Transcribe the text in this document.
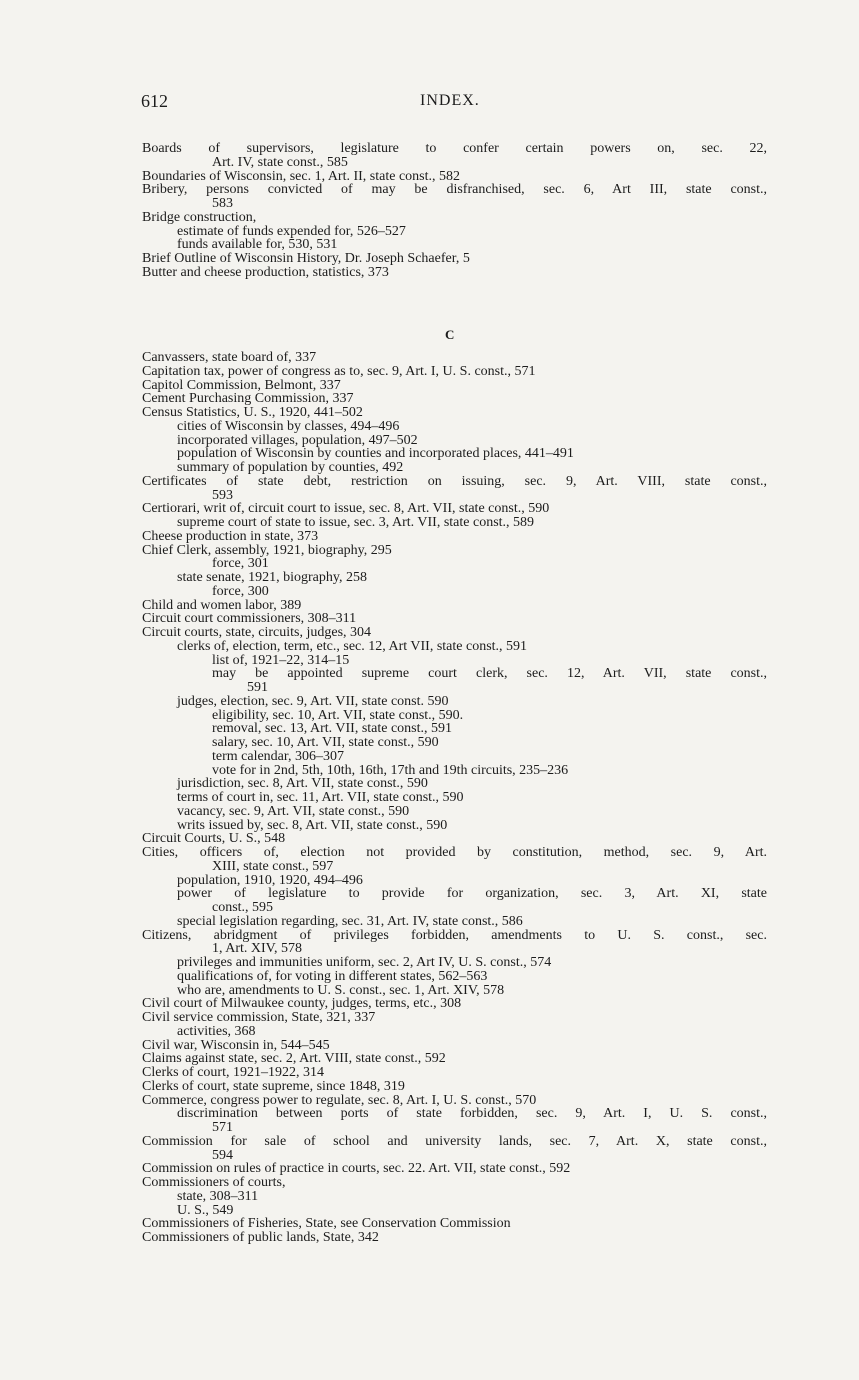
612	INDEX.
Boards of supervisors, legislature to confer certain powers on, sec. 22,
Art. IV, state const., 585
Boundaries of Wisconsin, sec. 1, Art. II, state const., 582
Bribery, persons convicted of may be disfranchised, sec. 6, Art III, state const.,
583
Bridge construction,
estimate of funds expended for, 526–527
funds available for, 530, 531
Brief Outline of Wisconsin History, Dr. Joseph Schaefer, 5
Butter and cheese production, statistics, 373
C
Canvassers, state board of, 337
Capitation tax, power of congress as to, sec. 9, Art. I, U. S. const., 571
Capitol Commission, Belmont, 337
Cement Purchasing Commission, 337
Census Statistics, U. S., 1920, 441–502
cities of Wisconsin by classes, 494–496
incorporated villages, population, 497–502
population of Wisconsin by counties and incorporated places, 441–491
summary of population by counties, 492
Certificates of state debt, restriction on issuing, sec. 9, Art. VIII, state const.,
593
Certiorari, writ of, circuit court to issue, sec. 8, Art. VII, state const., 590
supreme court of state to issue, sec. 3, Art. VII, state const., 589
Cheese production in state, 373
Chief Clerk, assembly, 1921, biography, 295
force, 301
state senate, 1921, biography, 258
force, 300
Child and women labor, 389
Circuit court commissioners, 308–311
Circuit courts, state, circuits, judges, 304
clerks of, election, term, etc., sec. 12, Art VII, state const., 591
list of, 1921–22, 314–15
may be appointed supreme court clerk, sec. 12, Art. VII, state const.,
591
judges, election, sec. 9, Art. VII, state const. 590
eligibility, sec. 10, Art. VII, state const., 590.
removal, sec. 13, Art. VII, state const., 591
salary, sec. 10, Art. VII, state const., 590
term calendar, 306–307
vote for in 2nd, 5th, 10th, 16th, 17th and 19th circuits, 235–236
jurisdiction, sec. 8, Art. VII, state const., 590
terms of court in, sec. 11, Art. VII, state const., 590
vacancy, sec. 9, Art. VII, state const., 590
writs issued by, sec. 8, Art. VII, state const., 590
Circuit Courts, U. S., 548
Cities, officers of, election not provided by constitution, method, sec. 9, Art.
XIII, state const., 597
population, 1910, 1920, 494–496
power of legislature to provide for organization, sec. 3, Art. XI, state
const., 595
special legislation regarding, sec. 31, Art. IV, state const., 586
Citizens, abridgment of privileges forbidden, amendments to U. S. const., sec.
1, Art. XIV, 578
privileges and immunities uniform, sec. 2, Art IV, U. S. const., 574
qualifications of, for voting in different states, 562–563
who are, amendments to U. S. const., sec. 1, Art. XIV, 578
Civil court of Milwaukee county, judges, terms, etc., 308
Civil service commission, State, 321, 337
activities, 368
Civil war, Wisconsin in, 544–545
Claims against state, sec. 2, Art. VIII, state const., 592
Clerks of court, 1921–1922, 314
Clerks of court, state supreme, since 1848, 319
Commerce, congress power to regulate, sec. 8, Art. I, U. S. const., 570
discrimination between ports of state forbidden, sec. 9, Art. I, U. S. const.,
571
Commission for sale of school and university lands, sec. 7, Art. X, state const.,
594
Commission on rules of practice in courts, sec. 22. Art. VII, state const., 592
Commissioners of courts,
state, 308–311
U. S., 549
Commissioners of Fisheries, State, see Conservation Commission
Commissioners of public lands, State, 342
